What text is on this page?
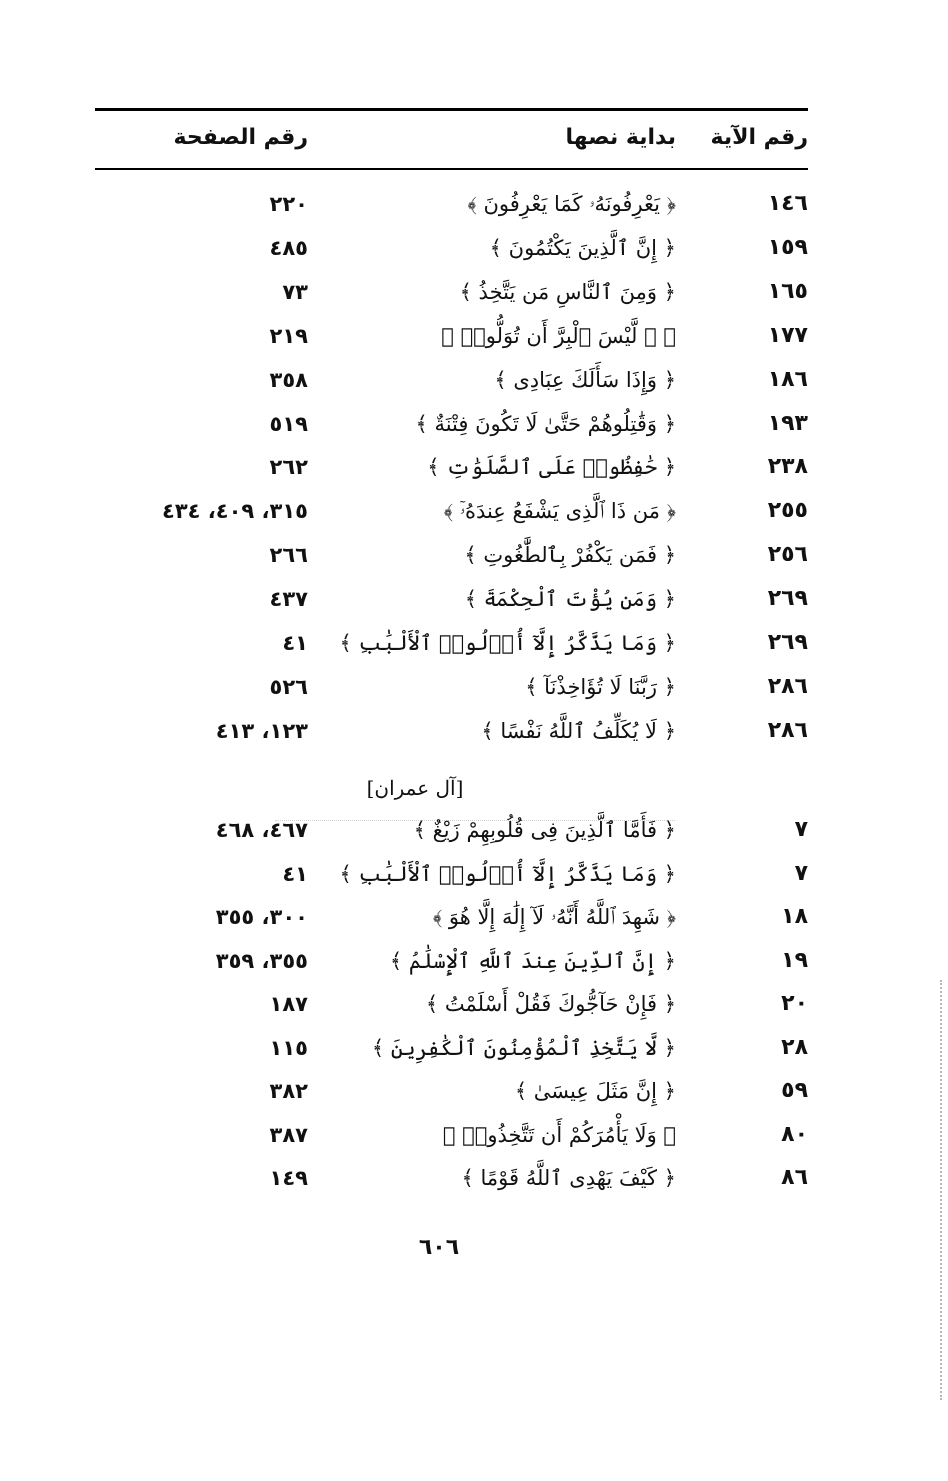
رقم الآية
بداية نصها
رقم الصفحة
١٤٦
﴿ يَعْرِفُونَهُۥ كَمَا يَعْرِفُونَ ﴾
٢٢٠
١٥٩
﴿ إِنَّ ٱلَّذِينَ يَكْتُمُونَ ﴾
٤٨٥
١٦٥
﴿ وَمِنَ ٱلنَّاسِ مَن يَتَّخِذُ ﴾
٧٣
١٧٧
﴿ ۞ لَّيْسَ ٱلْبِرَّ أَن تُوَلُّوا۟ ﴾
٢١٩
١٨٦
﴿ وَإِذَا سَأَلَكَ عِبَادِى ﴾
٣٥٨
١٩٣
﴿ وَقَٰتِلُوهُمْ حَتَّىٰ لَا تَكُونَ فِتْنَةٌ ﴾
٥١٩
٢٣٨
﴿ حَٰفِظُوا۟ عَلَى ٱلصَّلَوَٰتِ ﴾
٢٦٢
٢٥٥
﴿ مَن ذَا ٱلَّذِى يَشْفَعُ عِندَهُۥٓ ﴾
٣١٥، ٤٠٩، ٤٣٤
٢٥٦
﴿ فَمَن يَكْفُرْ بِٱلطَّٰغُوتِ ﴾
٢٦٦
٢٦٩
﴿ وَمَن يُؤْتَ ٱلْحِكْمَةَ ﴾
٤٣٧
٢٦٩
﴿ وَمَا يَذَّكَّرُ إِلَّآ أُو۟لُوا۟ ٱلْأَلْبَٰبِ ﴾
٤١
٢٨٦
﴿ رَبَّنَا لَا تُؤَاخِذْنَآ ﴾
٥٢٦
٢٨٦
﴿ لَا يُكَلِّفُ ٱللَّهُ نَفْسًا ﴾
١٢٣، ٤١٣
[آل عمران]
٧
﴿ فَأَمَّا ٱلَّذِينَ فِى قُلُوبِهِمْ زَيْغٌ ﴾
٤٦٧، ٤٦٨
٧
﴿ وَمَا يَذَّكَّرُ إِلَّآ أُو۟لُوا۟ ٱلْأَلْبَٰبِ ﴾
٤١
١٨
﴿ شَهِدَ ٱللَّهُ أَنَّهُۥ لَآ إِلَٰهَ إِلَّا هُوَ ﴾
٣٠٠، ٣٥٥
١٩
﴿ إِنَّ ٱلدِّينَ عِندَ ٱللَّهِ ٱلْإِسْلَٰمُ ﴾
٣٥٥، ٣٥٩
٢٠
﴿ فَإِنْ حَآجُّوكَ فَقُلْ أَسْلَمْتُ ﴾
١٨٧
٢٨
﴿ لَّا يَتَّخِذِ ٱلْمُؤْمِنُونَ ٱلْكَٰفِرِينَ ﴾
١١٥
٥٩
﴿ إِنَّ مَثَلَ عِيسَىٰ ﴾
٣٨٢
٨٠
﴿ وَلَا يَأْمُرَكُمْ أَن تَتَّخِذُوا۟ ﴾
٣٨٧
٨٦
﴿ كَيْفَ يَهْدِى ٱللَّهُ قَوْمًا ﴾
١٤٩
٦٠٦
